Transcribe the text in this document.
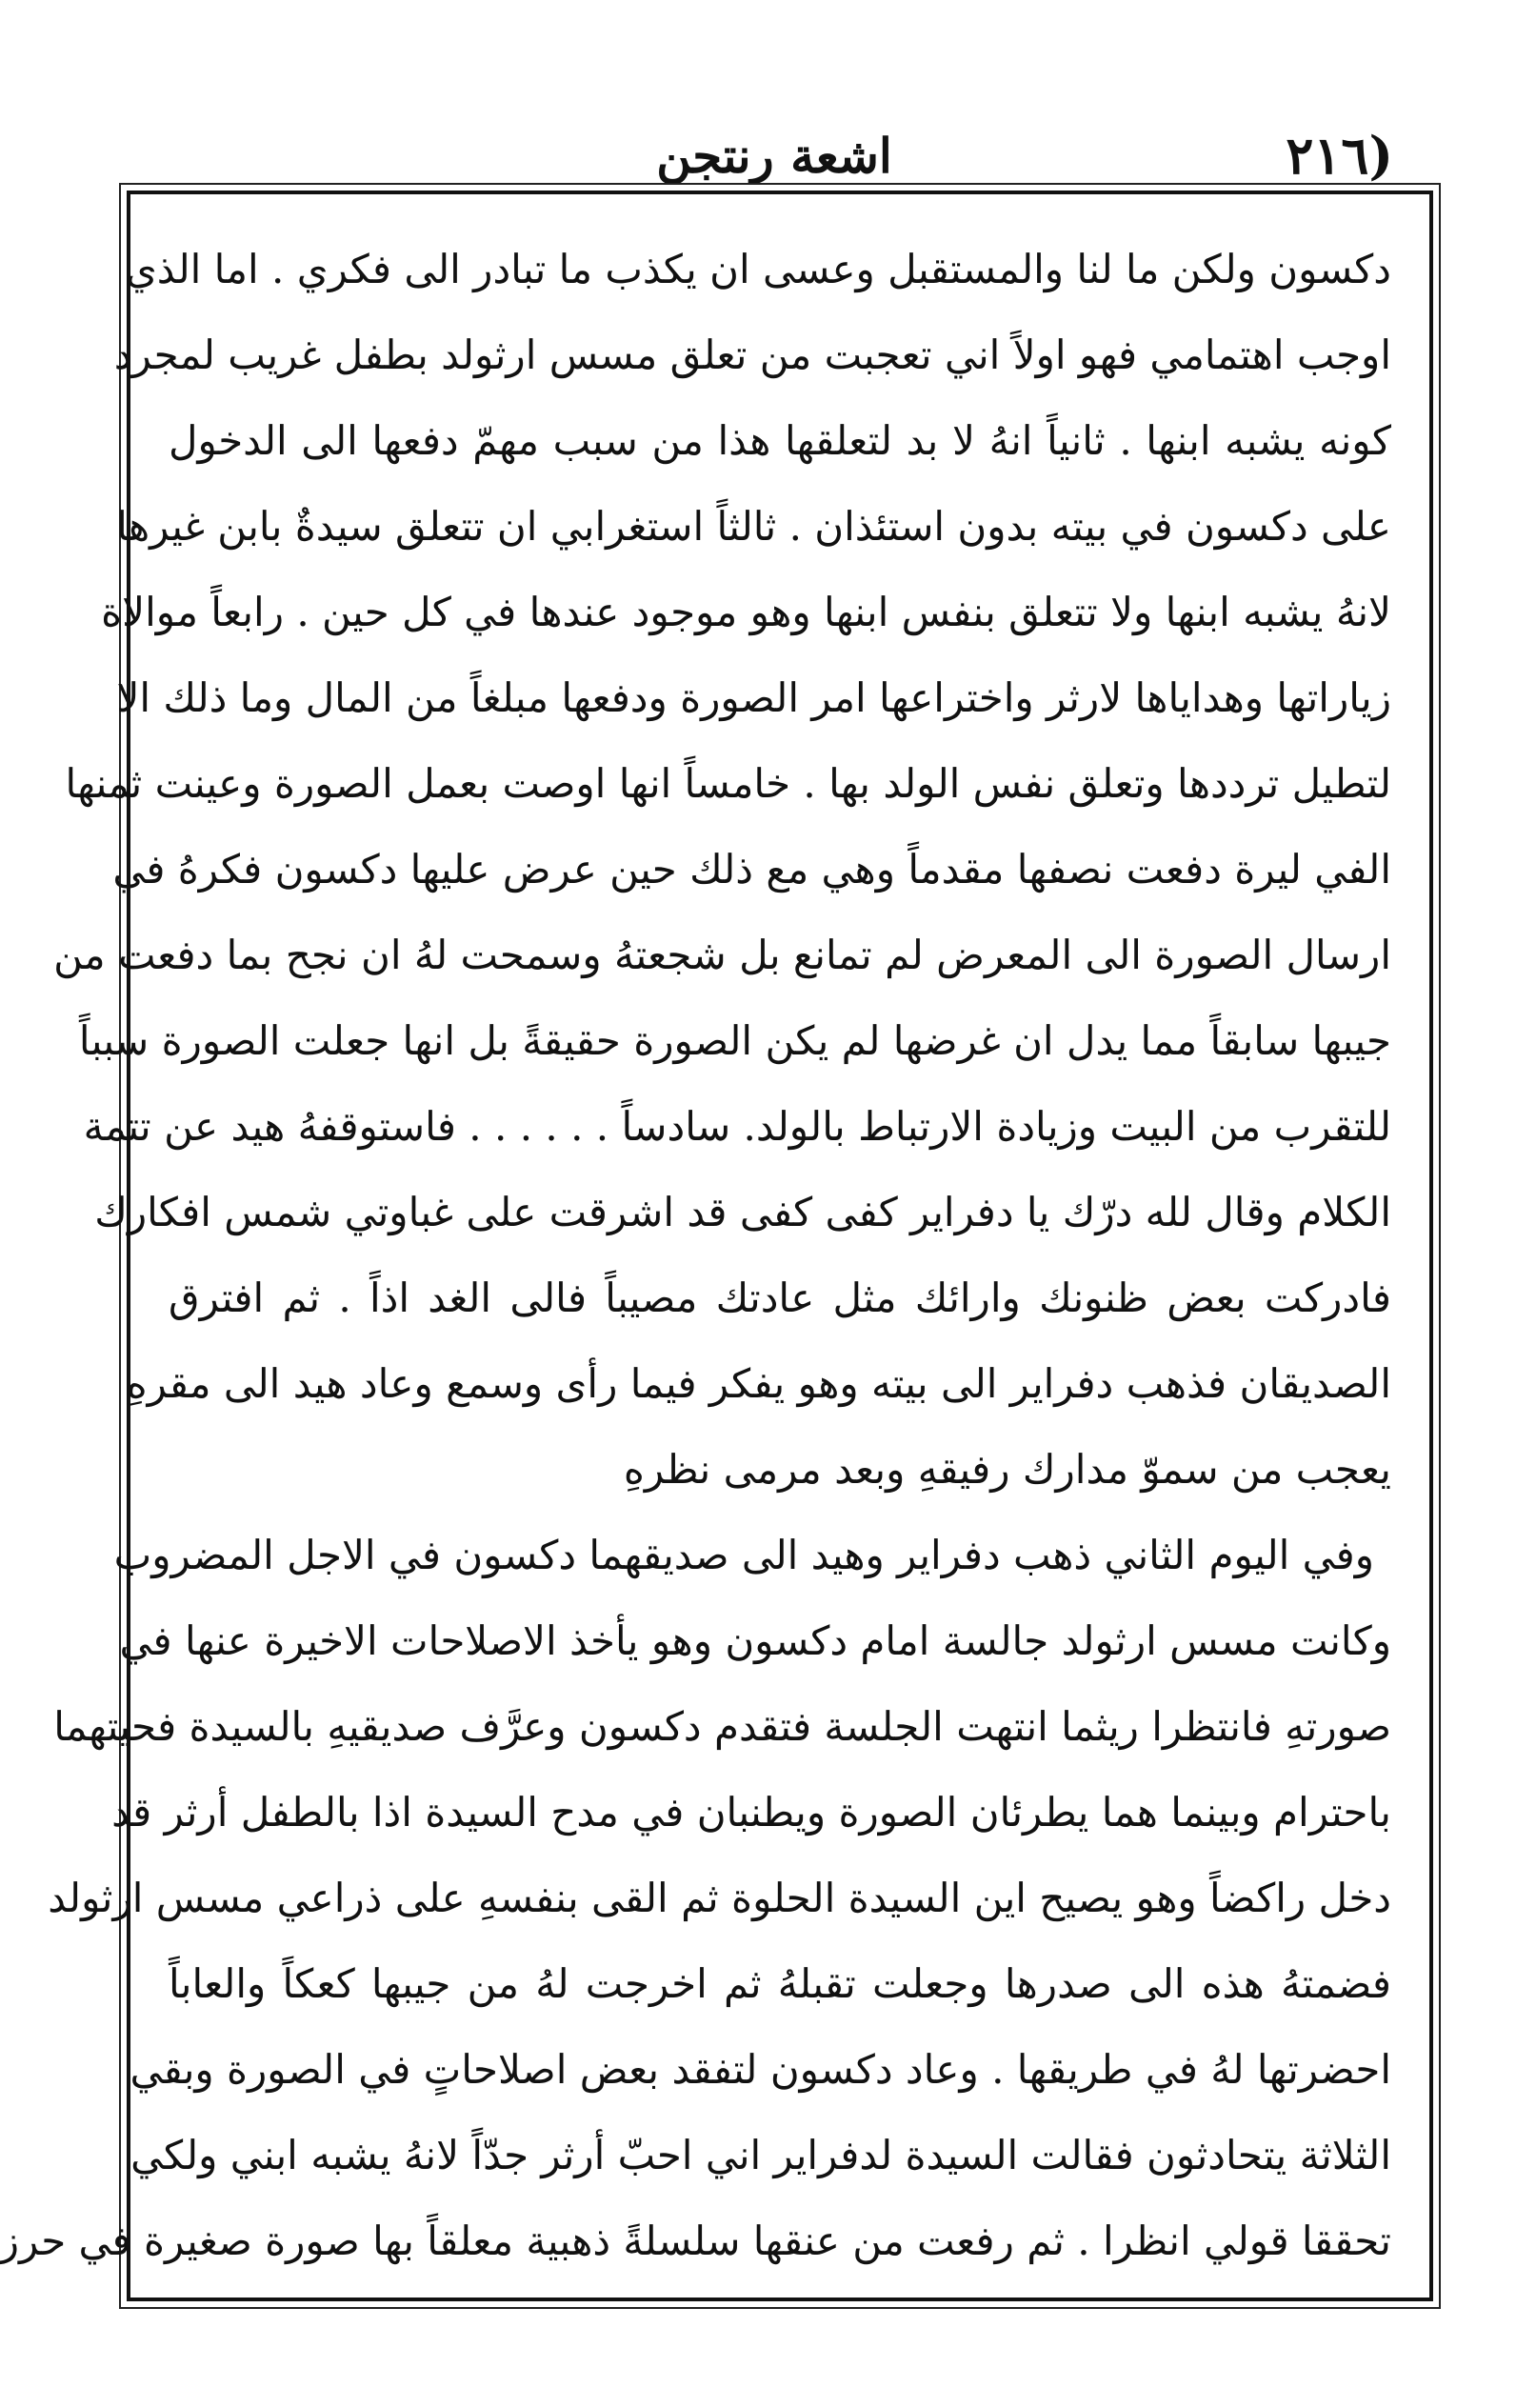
(٢١٦
اشعة رنتجن
دكسون ولكن ما لنا والمستقبل وعسى ان يكذب ما تبادر الى فكري . اما الذي
اوجب اهتمامي فهو اولاً اني تعجبت من تعلق مسس ارثولد بطفل غريب لمجرد
كونه يشبه ابنها . ثانياً انهُ لا بد لتعلقها هذا من سبب مهمّ دفعها الى الدخول
على دكسون في بيته بدون استئذان . ثالثاً استغرابي ان تتعلق سيدةٌ بابن غيرها
لانهُ يشبه ابنها ولا تتعلق بنفس ابنها وهو موجود عندها في كل حين . رابعاً موالاة
زياراتها وهداياها لارثر واختراعها امر الصورة ودفعها مبلغاً من المال وما ذلك الا
لتطيل ترددها وتعلق نفس الولد بها . خامساً انها اوصت بعمل الصورة وعينت ثمنها
الفي ليرة دفعت نصفها مقدماً وهي مع ذلك حين عرض عليها دكسون فكرهُ في
ارسال الصورة الى المعرض لم تمانع بل شجعتهُ وسمحت لهُ ان نجح بما دفعت من
جيبها سابقاً مما يدل ان غرضها لم يكن الصورة حقيقةً بل انها جعلت الصورة سبباً
للتقرب من البيت وزيادة الارتباط بالولد. سادساً . . . . . . فاستوقفهُ هيد عن تتمة
الكلام وقال لله درّك يا دفراير كفى كفى قد اشرقت على غباوتي شمس افكارك
فادركت بعض ظنونك وارائك مثل عادتك مصيباً فالى الغد اذاً . ثم افترق
الصديقان فذهب دفراير الى بيته وهو يفكر فيما رأى وسمع وعاد هيد الى مقرهِ
يعجب من سموّ مدارك رفيقهِ وبعد مرمى نظرهِ
وفي اليوم الثاني ذهب دفراير وهيد الى صديقهما دكسون في الاجل المضروب
وكانت مسس ارثولد جالسة امام دكسون وهو يأخذ الاصلاحات الاخيرة عنها في
صورتهِ فانتظرا ريثما انتهت الجلسة فتقدم دكسون وعرَّف صديقيهِ بالسيدة فحيتهما
باحترام وبينما هما يطرئان الصورة ويطنبان في مدح السيدة اذا بالطفل أرثر قد
دخل راكضاً وهو يصيح اين السيدة الحلوة ثم القى بنفسهِ على ذراعي مسس ارثولد
فضمتهُ هذه الى صدرها وجعلت تقبلهُ ثم اخرجت لهُ من جيبها كعكاً والعاباً
احضرتها لهُ في طريقها . وعاد دكسون لتفقد بعض اصلاحاتٍ في الصورة وبقي
الثلاثة يتحادثون فقالت السيدة لدفراير اني احبّ أرثر جدّاً لانهُ يشبه ابني ولكي
تحققا قولي انظرا . ثم رفعت من عنقها سلسلةً ذهبية معلقاً بها صورة صغيرة في حرز
